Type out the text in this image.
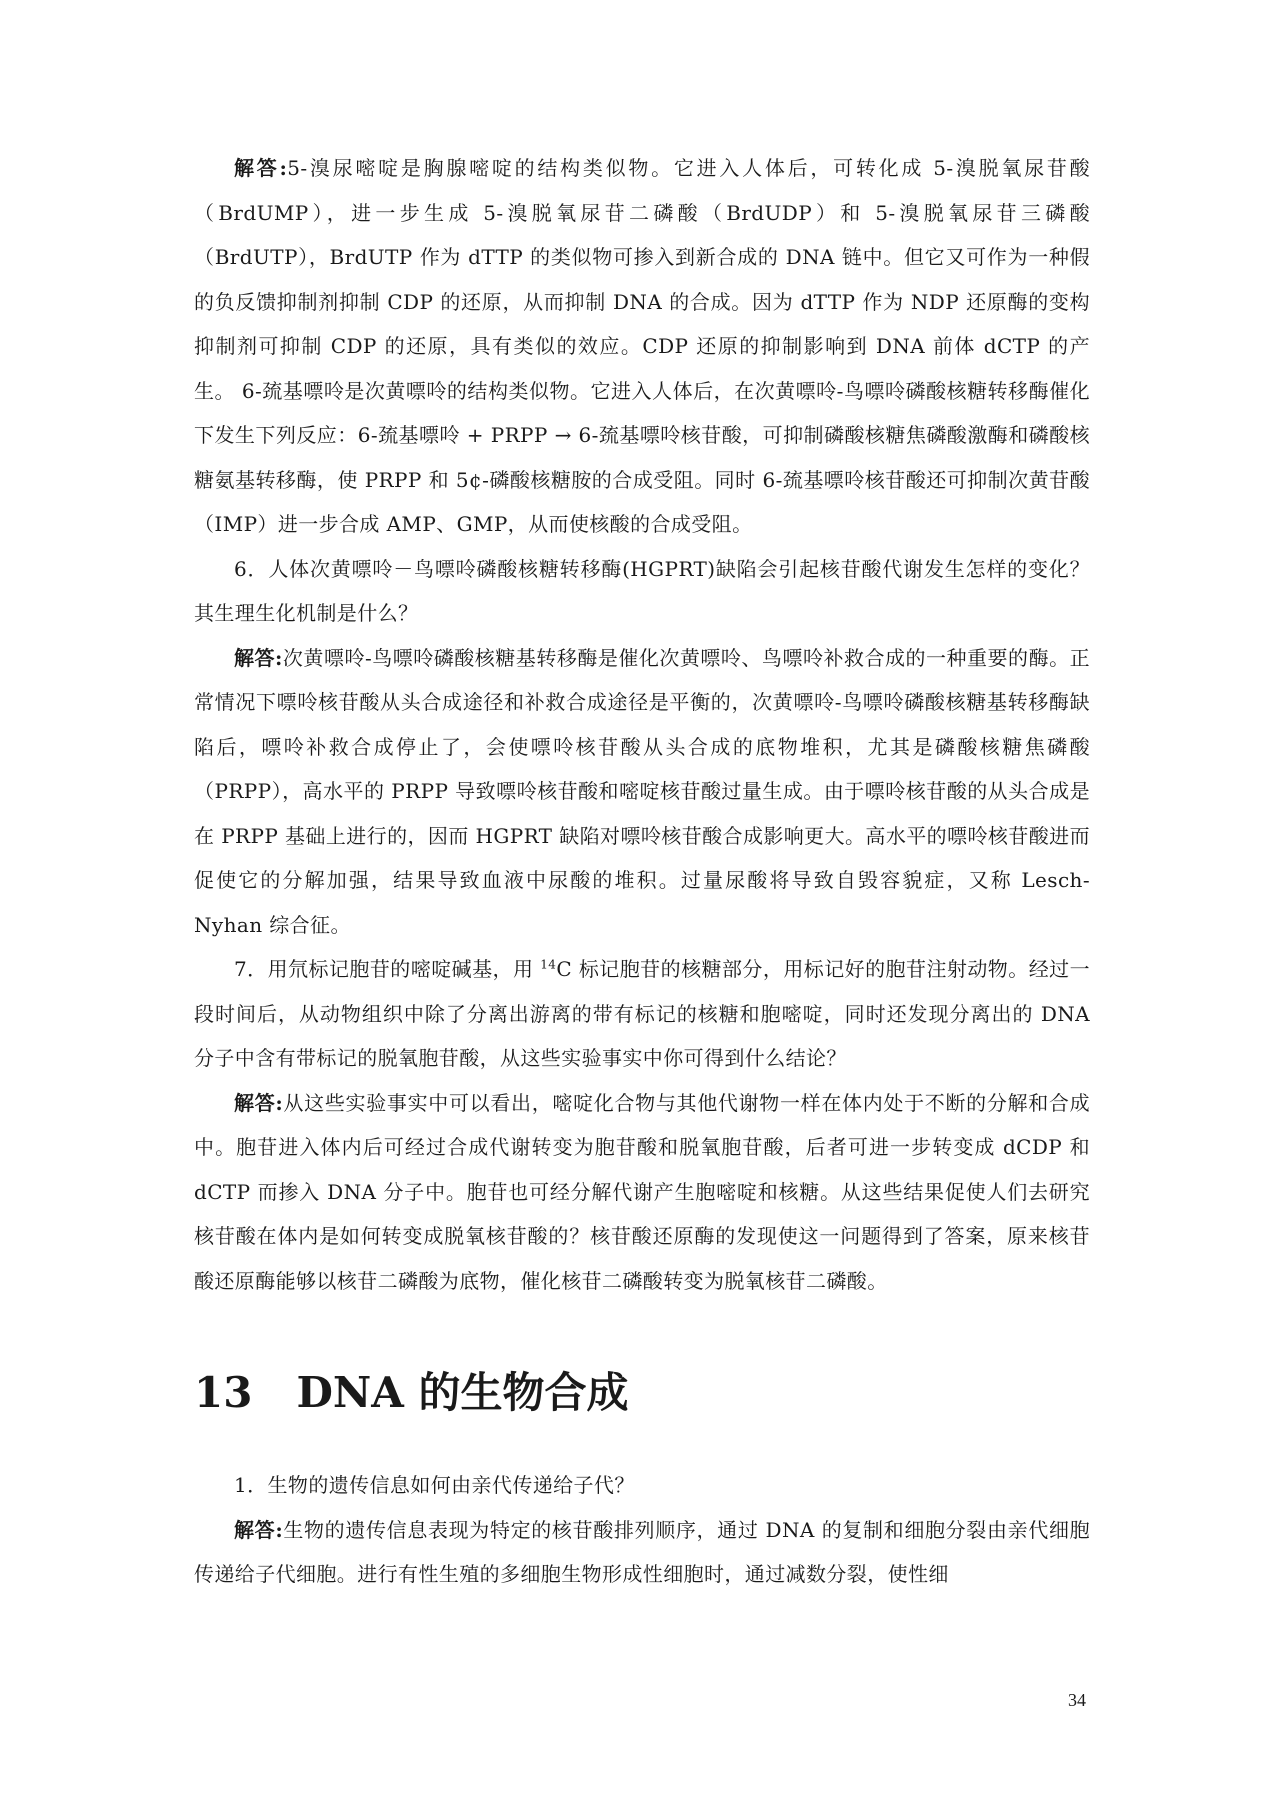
解答:5-溴尿嘧啶是胸腺嘧啶的结构类似物。它进入人体后，可转化成 5-溴脱氧尿苷酸（BrdUMP），进一步生成 5-溴脱氧尿苷二磷酸（BrdUDP）和 5-溴脱氧尿苷三磷酸（BrdUTP），BrdUTP 作为 dTTP 的类似物可掺入到新合成的 DNA 链中。但它又可作为一种假的负反馈抑制剂抑制 CDP 的还原，从而抑制 DNA 的合成。因为 dTTP 作为 NDP 还原酶的变构抑制剂可抑制 CDP 的还原，具有类似的效应。CDP 还原的抑制影响到 DNA 前体 dCTP 的产生。 6-巯基嘌呤是次黄嘌呤的结构类似物。它进入人体后，在次黄嘌呤-鸟嘌呤磷酸核糖转移酶催化下发生下列反应：6-巯基嘌呤 + PRPP → 6-巯基嘌呤核苷酸，可抑制磷酸核糖焦磷酸激酶和磷酸核糖氨基转移酶，使 PRPP 和 5¢-磷酸核糖胺的合成受阻。同时 6-巯基嘌呤核苷酸还可抑制次黄苷酸（IMP）进一步合成 AMP、GMP，从而使核酸的合成受阻。

6．人体次黄嘌呤－鸟嘌呤磷酸核糖转移酶(HGPRT)缺陷会引起核苷酸代谢发生怎样的变化？其生理生化机制是什么？

解答:次黄嘌呤-鸟嘌呤磷酸核糖基转移酶是催化次黄嘌呤、鸟嘌呤补救合成的一种重要的酶。正常情况下嘌呤核苷酸从头合成途径和补救合成途径是平衡的，次黄嘌呤-鸟嘌呤磷酸核糖基转移酶缺陷后，嘌呤补救合成停止了，会使嘌呤核苷酸从头合成的底物堆积，尤其是磷酸核糖焦磷酸（PRPP），高水平的 PRPP 导致嘌呤核苷酸和嘧啶核苷酸过量生成。由于嘌呤核苷酸的从头合成是在 PRPP 基础上进行的，因而 HGPRT 缺陷对嘌呤核苷酸合成影响更大。高水平的嘌呤核苷酸进而促使它的分解加强，结果导致血液中尿酸的堆积。过量尿酸将导致自毁容貌症，又称 Lesch-Nyhan 综合征。

7．用氘标记胞苷的嘧啶碱基，用 $^{14}$C 标记胞苷的核糖部分，用标记好的胞苷注射动物。经过一段时间后，从动物组织中除了分离出游离的带有标记的核糖和胞嘧啶，同时还发现分离出的 DNA 分子中含有带标记的脱氧胞苷酸，从这些实验事实中你可得到什么结论？

解答:从这些实验事实中可以看出，嘧啶化合物与其他代谢物一样在体内处于不断的分解和合成中。胞苷进入体内后可经过合成代谢转变为胞苷酸和脱氧胞苷酸，后者可进一步转变成 dCDP 和 dCTP 而掺入 DNA 分子中。胞苷也可经分解代谢产生胞嘧啶和核糖。从这些结果促使人们去研究核苷酸在体内是如何转变成脱氧核苷酸的？核苷酸还原酶的发现使这一问题得到了答案，原来核苷酸还原酶能够以核苷二磷酸为底物，催化核苷二磷酸转变为脱氧核苷二磷酸。

13 DNA 的生物合成

1．生物的遗传信息如何由亲代传递给子代？

解答:生物的遗传信息表现为特定的核苷酸排列顺序，通过 DNA 的复制和细胞分裂由亲代细胞传递给子代细胞。进行有性生殖的多细胞生物形成性细胞时，通过减数分裂，使性细

34
